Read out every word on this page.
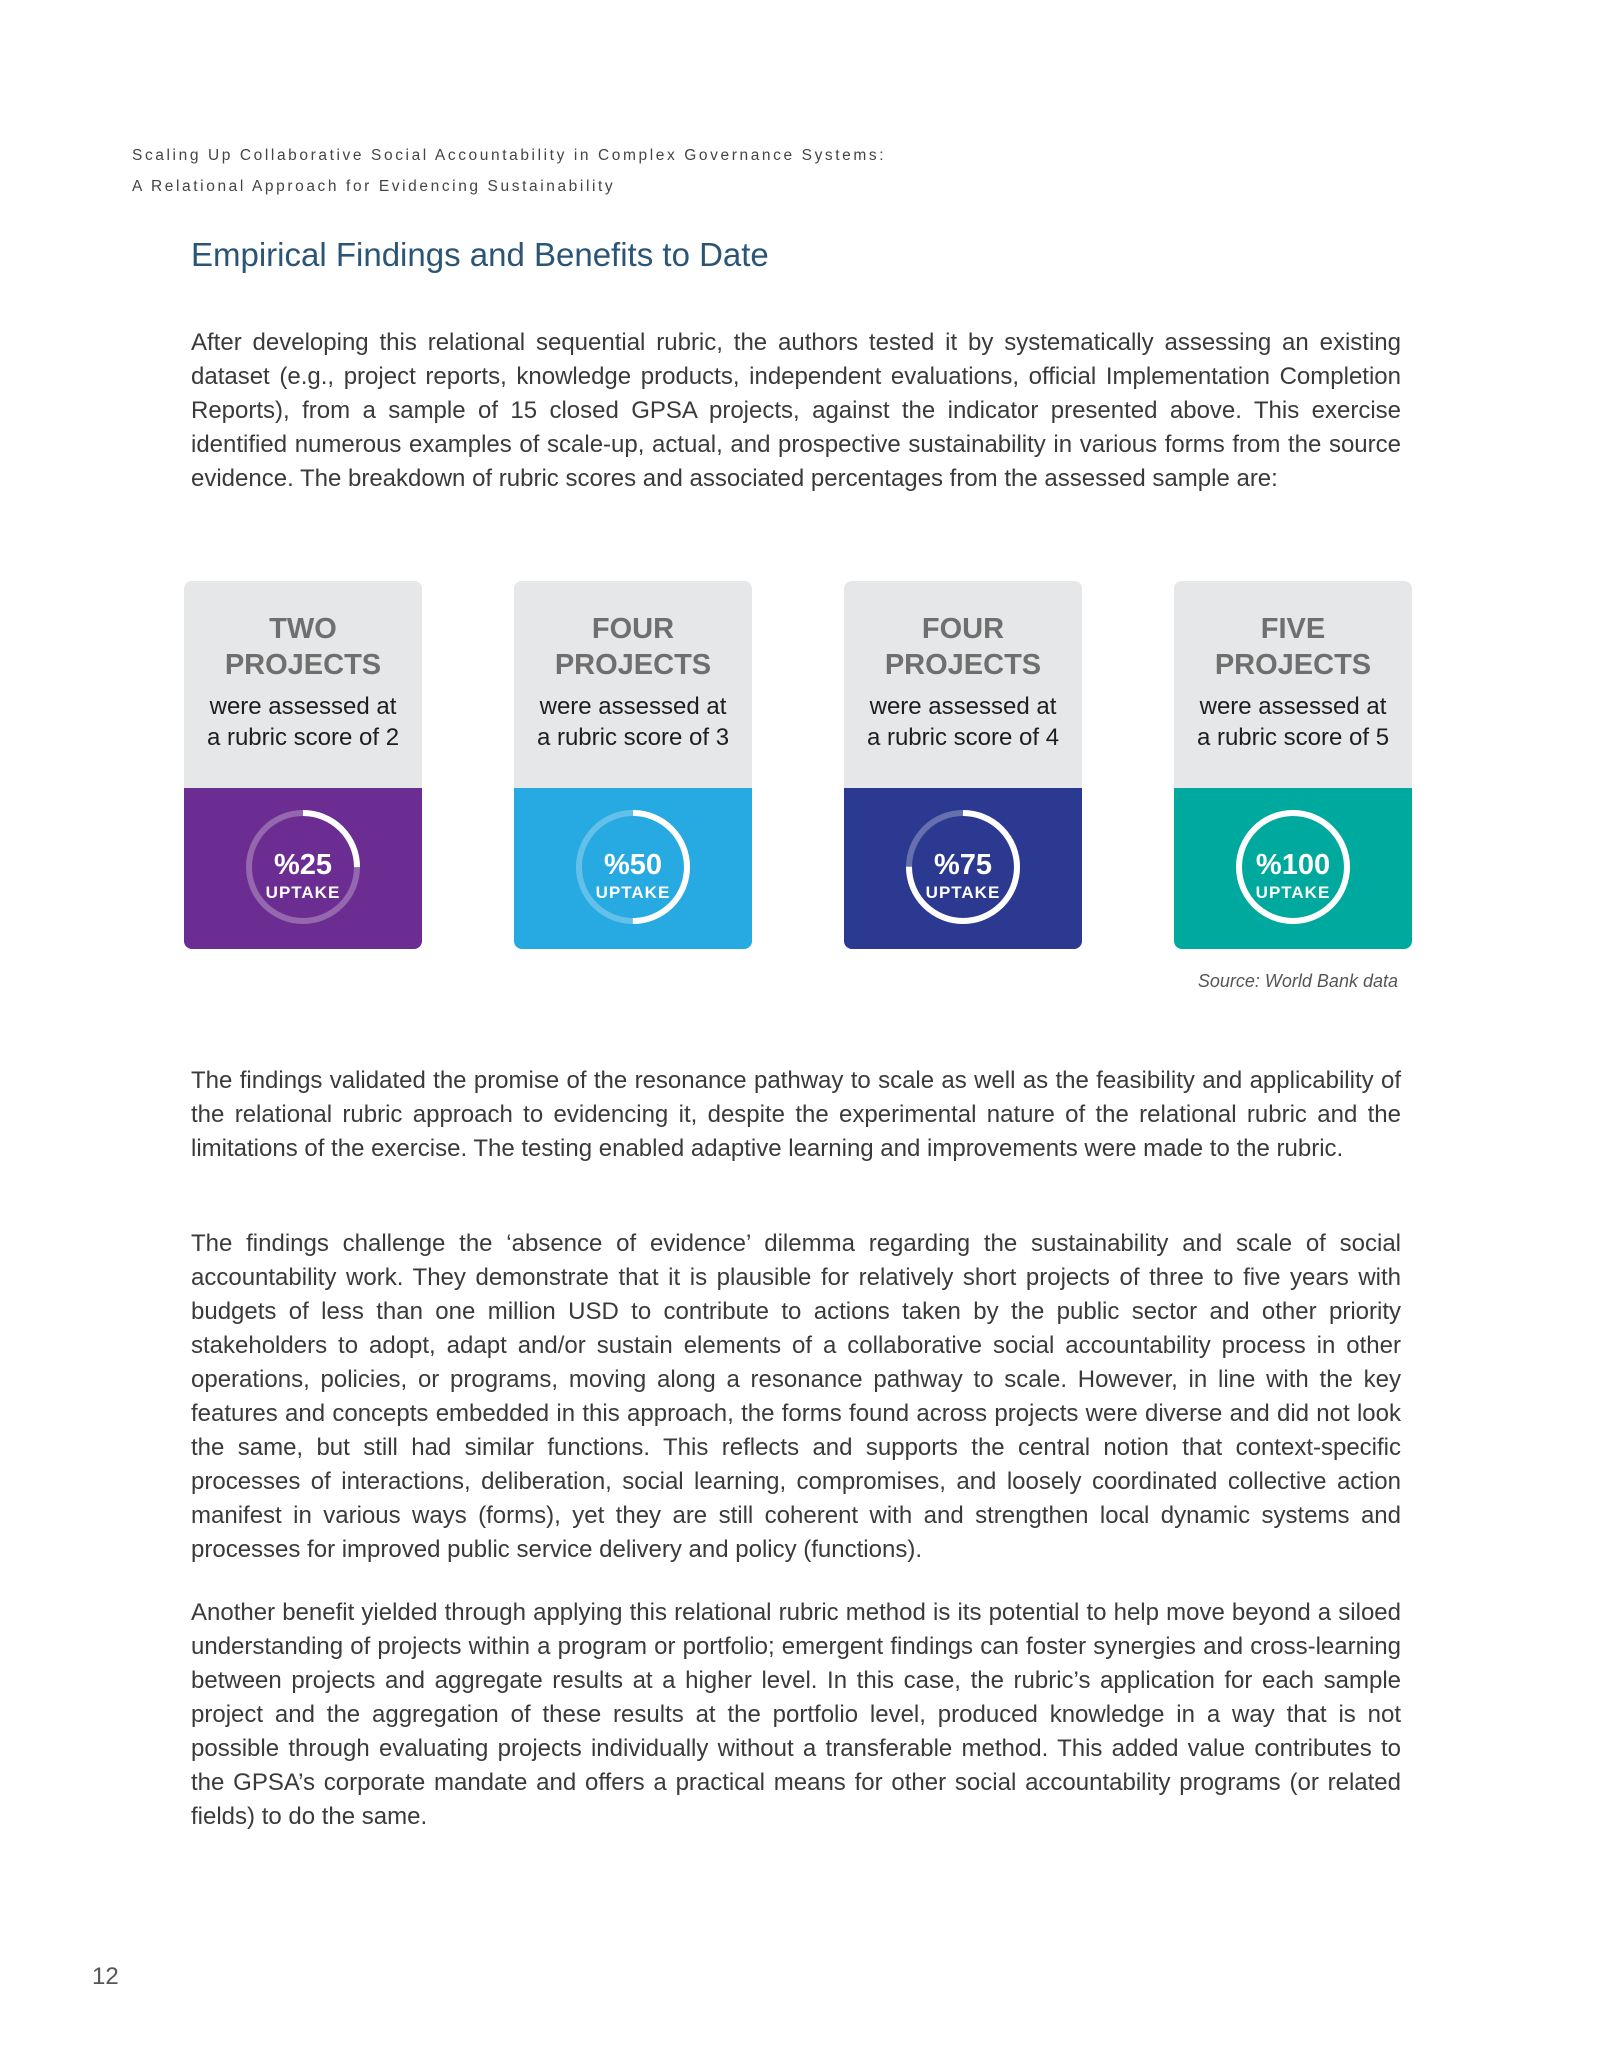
Scaling Up Collaborative Social Accountability in Complex Governance Systems:
A Relational Approach for Evidencing Sustainability
Empirical Findings and Benefits to Date

After developing this relational sequential rubric, the authors tested it by systematically assessing an existing dataset (e.g., project reports, knowledge products, independent evaluations, official Implementation Completion Reports), from a sample of 15 closed GPSA projects, against the indicator presented above. This exercise identified numerous examples of scale-up, actual, and prospective sustainability in various forms from the source evidence. The breakdown of rubric scores and associated percentages from the assessed sample are:

TWO
PROJECTS
were assessed at
a rubric score of 2
%25
UPTAKE
FOUR
PROJECTS
were assessed at
a rubric score of 3
%50
UPTAKE
FOUR
PROJECTS
were assessed at
a rubric score of 4
%75
UPTAKE
FIVE
PROJECTS
were assessed at
a rubric score of 5
%100
UPTAKE
Source: World Bank data

The findings validated the promise of the resonance pathway to scale as well as the feasibility and applicability of the relational rubric approach to evidencing it, despite the experimental nature of the relational rubric and the limitations of the exercise. The testing enabled adaptive learning and improvements were made to the rubric.

The findings challenge the ‘absence of evidence’ dilemma regarding the sustainability and scale of social accountability work. They demonstrate that it is plausible for relatively short projects of three to five years with budgets of less than one million USD to contribute to actions taken by the public sector and other priority stakeholders to adopt, adapt and/or sustain elements of a collaborative social accountability process in other operations, policies, or programs, moving along a resonance pathway to scale. However, in line with the key features and concepts embedded in this approach, the forms found across projects were diverse and did not look the same, but still had similar functions. This reflects and supports the central notion that context-specific processes of interactions, deliberation, social learning, compromises, and loosely coordinated collective action manifest in various ways (forms), yet they are still coherent with and strengthen local dynamic systems and processes for improved public service delivery and policy (functions).

Another benefit yielded through applying this relational rubric method is its potential to help move beyond a siloed understanding of projects within a program or portfolio; emergent findings can foster synergies and cross-learning between projects and aggregate results at a higher level. In this case, the rubric’s application for each sample project and the aggregation of these results at the portfolio level, produced knowledge in a way that is not possible through evaluating projects individually without a transferable method. This added value contributes to the GPSA’s corporate mandate and offers a practical means for other social accountability programs (or related fields) to do the same.

12
